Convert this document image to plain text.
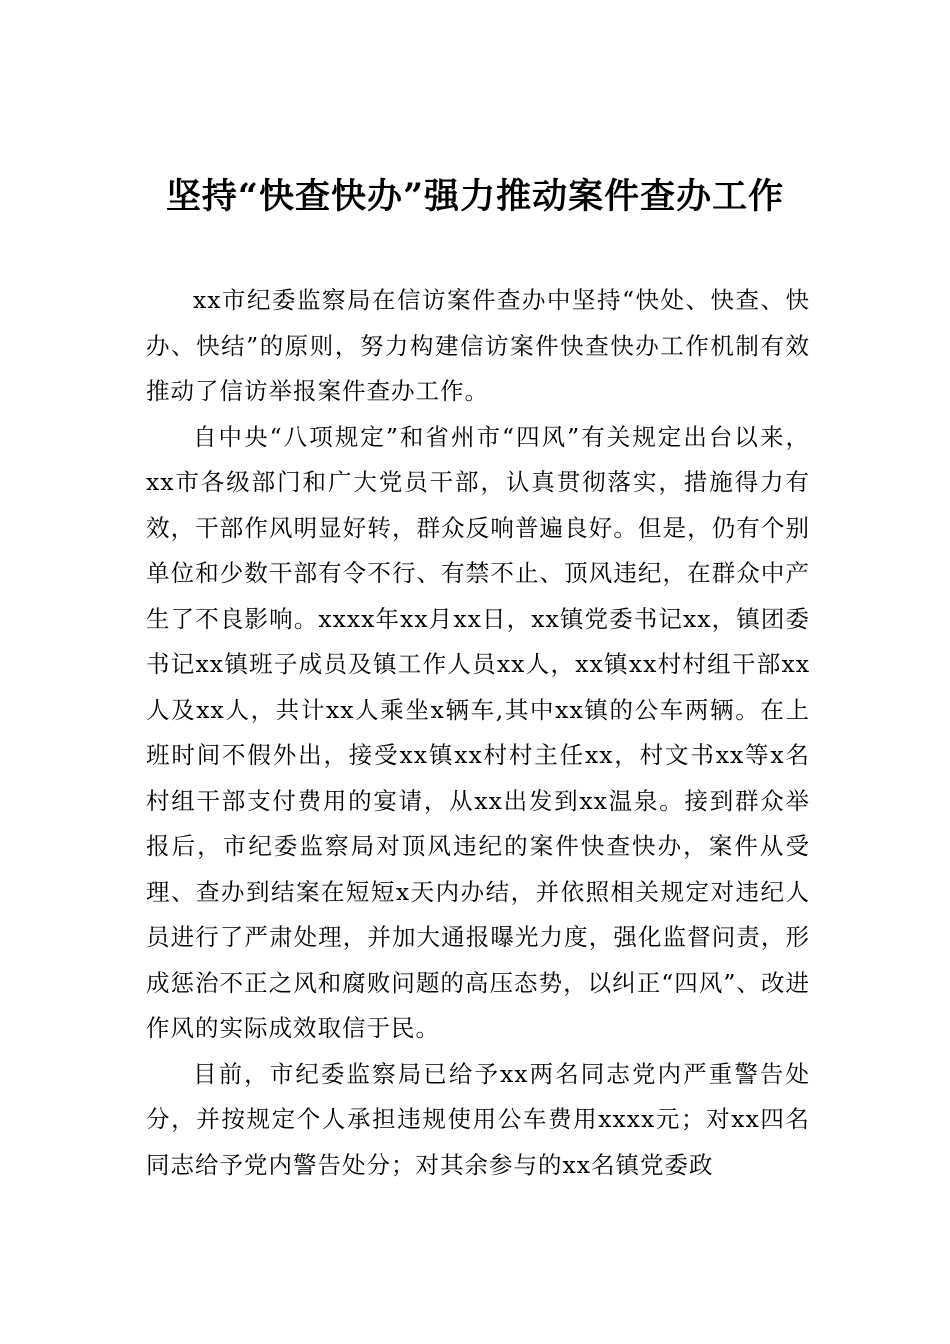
坚持“快查快办”强力推动案件查办工作

xx市纪委监察局在信访案件查办中坚持“快处、快查、快办、快结”的原则，努力构建信访案件快查快办工作机制有效推动了信访举报案件查办工作。

自中央“八项规定”和省州市“四风”有关规定出台以来，xx市各级部门和广大党员干部，认真贯彻落实，措施得力有效，干部作风明显好转，群众反响普遍良好。但是，仍有个别单位和少数干部有令不行、有禁不止、顶风违纪，在群众中产生了不良影响。xxxx年xx月xx日，xx镇党委书记xx，镇团委书记xx镇班子成员及镇工作人员xx人，xx镇xx村村组干部xx人及xx人，共计xx人乘坐x辆车,其中xx镇的公车两辆。在上班时间不假外出，接受xx镇xx村村主任xx，村文书xx等x名村组干部支付费用的宴请，从xx出发到xx温泉。接到群众举报后，市纪委监察局对顶风违纪的案件快查快办，案件从受理、查办到结案在短短x天内办结，并依照相关规定对违纪人员进行了严肃处理，并加大通报曝光力度，强化监督问责，形成惩治不正之风和腐败问题的高压态势，以纠正“四风”、改进作风的实际成效取信于民。

目前，市纪委监察局已给予xx两名同志党内严重警告处分，并按规定个人承担违规使用公车费用xxxx元；对xx四名同志给予党内警告处分；对其余参与的xx名镇党委政
